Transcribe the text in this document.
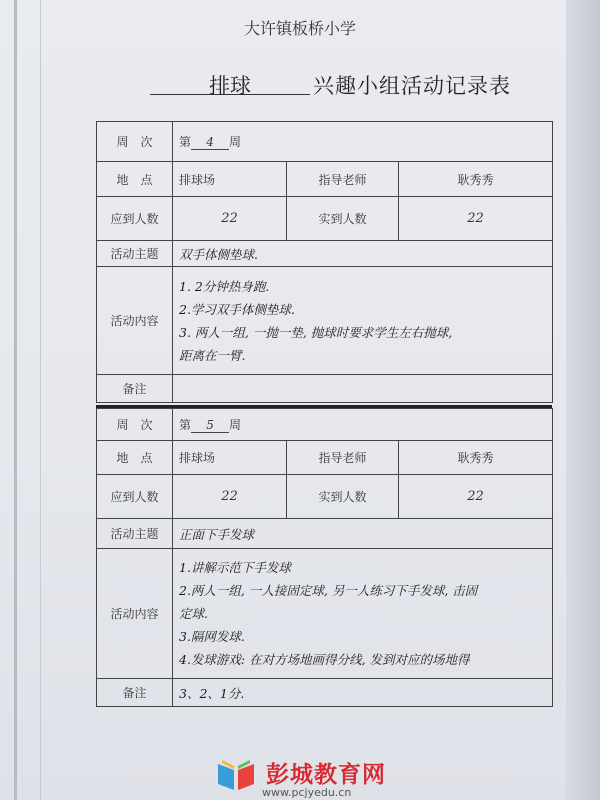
大许镇板桥小学
排球	兴趣小组活动记录表
周　次	第 4 周		
地　点	排球场	指导老师	耿秀秀
应到人数	22	实到人数	22
活动主题	双手体侧垫球.		
活动内容	1. 2分钟热身跑.
2.学习双手体侧垫球.
3. 两人一组, 一抛一垫, 抛球时要求学生左右抛球,
距离在一臂.		

备注			
周　次	第 5 周		
地　点	排球场	指导老师	耿秀秀
应到人数	22	实到人数	22
活动主题	正面下手发球		
活动内容	1.讲解示范下手发球
2.两人一组, 一人接固定球, 另一人练习下手发球, 击固
定球.
3.隔网发球.
4.发球游戏: 在对方场地画得分线, 发到对应的场地得		

备注	3、2、1分.		
彭城教育网
www.pcjyedu.cn
